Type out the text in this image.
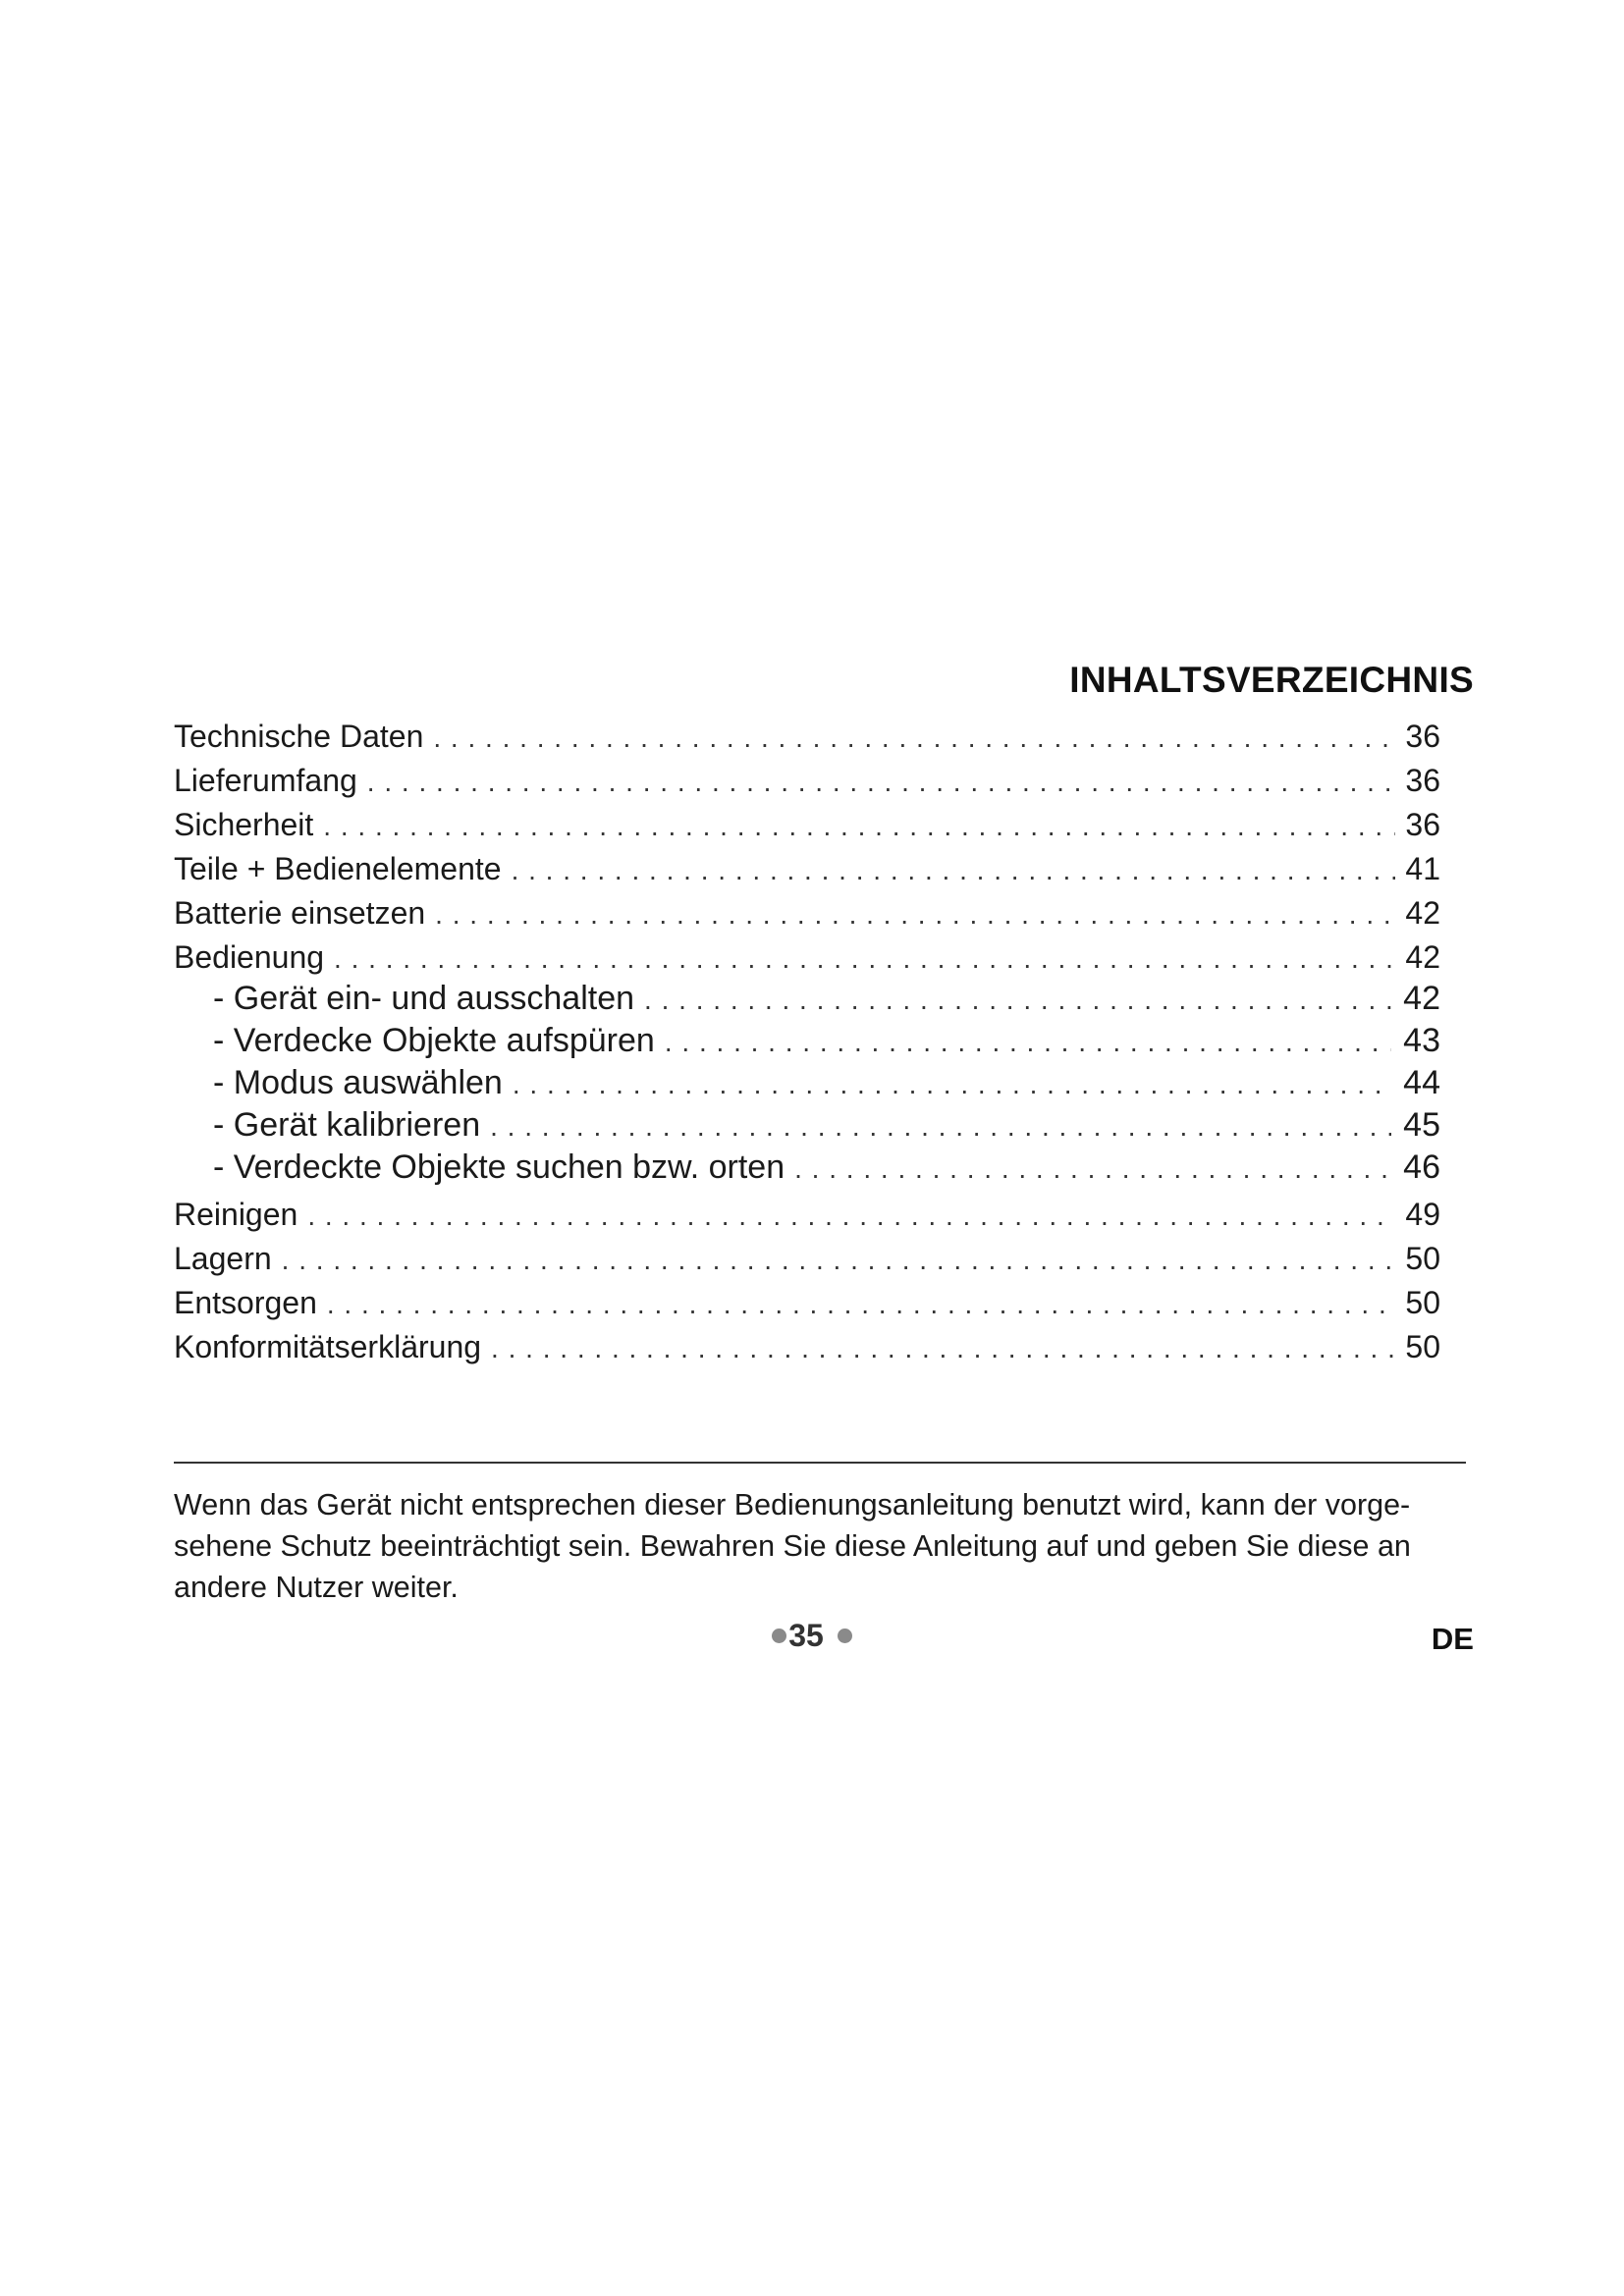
INHALTSVERZEICHNIS
Technische Daten . . .	36
Lieferumfang . . .	36
Sicherheit . . .	36
Teile + Bedienelemente . . .	41
Batterie einsetzen . . .	42
Bedienung . . .	42
- Gerät ein- und ausschalten . . .	42
- Verdecke Objekte aufspüren . . .	43
- Modus auswählen . . .	44
- Gerät kalibrieren . . .	45
- Verdeckte Objekte suchen bzw. orten . . .	46
Reinigen . . .	49
Lagern . . .	50
Entsorgen . . .	50
Konformitätserklärung . . .	50

Wenn das Gerät nicht entsprechen dieser Bedienungsanleitung benutzt wird, kann der vorge-sehene Schutz beeinträchtigt sein. Bewahren Sie diese Anleitung auf und geben Sie diese an andere Nutzer weiter.

35	DE
